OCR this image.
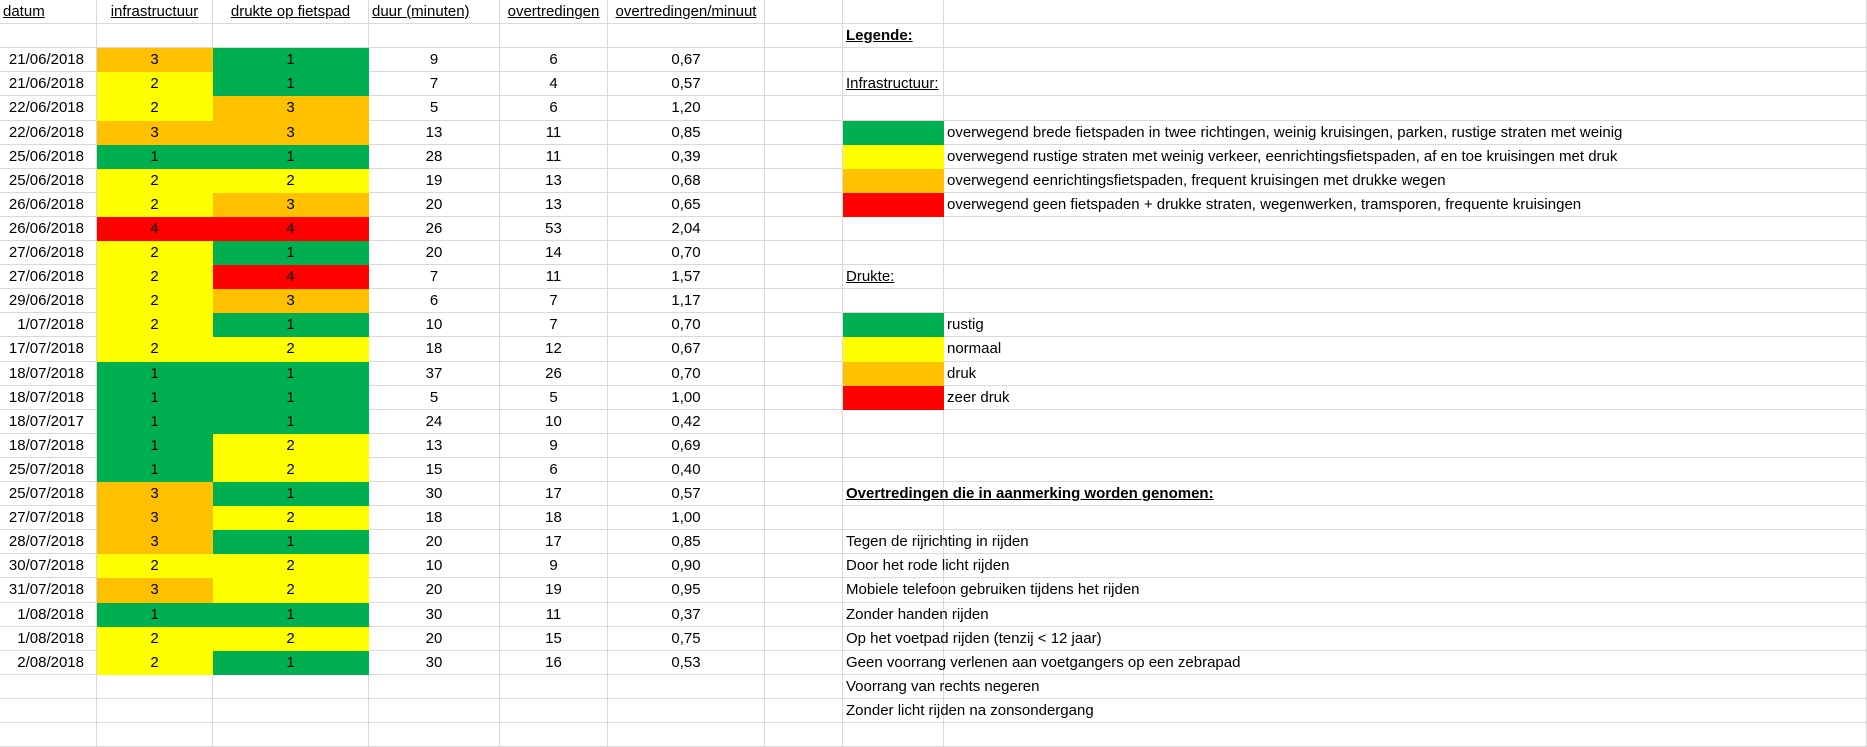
datum	infrastructuur	drukte op fietspad	duur (minuten)	overtredingen	overtredingen/minuut
21/06/2018	3	1	9	6	0,67
21/06/2018	2	1	7	4	0,57
22/06/2018	2	3	5	6	1,20
22/06/2018	3	3	13	11	0,85
25/06/2018	1	1	28	11	0,39
25/06/2018	2	2	19	13	0,68
26/06/2018	2	3	20	13	0,65
26/06/2018	4	4	26	53	2,04
27/06/2018	2	1	20	14	0,70
27/06/2018	2	4	7	11	1,57
29/06/2018	2	3	6	7	1,17
1/07/2018	2	1	10	7	0,70
17/07/2018	2	2	18	12	0,67
18/07/2018	1	1	37	26	0,70
18/07/2018	1	1	5	5	1,00
18/07/2017	1	1	24	10	0,42
18/07/2018	1	2	13	9	0,69
25/07/2018	1	2	15	6	0,40
25/07/2018	3	1	30	17	0,57
27/07/2018	3	2	18	18	1,00
28/07/2018	3	1	20	17	0,85
30/07/2018	2	2	10	9	0,90
31/07/2018	3	2	20	19	0,95
1/08/2018	1	1	30	11	0,37
1/08/2018	2	2	20	15	0,75
2/08/2018	2	1	30	16	0,53
Legende:
Infrastructuur:
overwegend brede fietspaden in twee richtingen, weinig kruisingen, parken, rustige straten met weinig
overwegend rustige straten met weinig verkeer, eenrichtingsfietspaden, af en toe kruisingen met druk
overwegend eenrichtingsfietspaden, frequent kruisingen met drukke wegen
overwegend geen fietspaden + drukke straten, wegenwerken, tramsporen, frequente kruisingen
Drukte:
rustig
normaal
druk
zeer druk
Overtredingen die in aanmerking worden genomen:
Tegen de rijrichting in rijden
Door het rode licht rijden
Mobiele telefoon gebruiken tijdens het rijden
Zonder handen rijden
Op het voetpad rijden (tenzij < 12 jaar)
Geen voorrang verlenen aan voetgangers op een zebrapad
Voorrang van rechts negeren
Zonder licht rijden na zonsondergang
